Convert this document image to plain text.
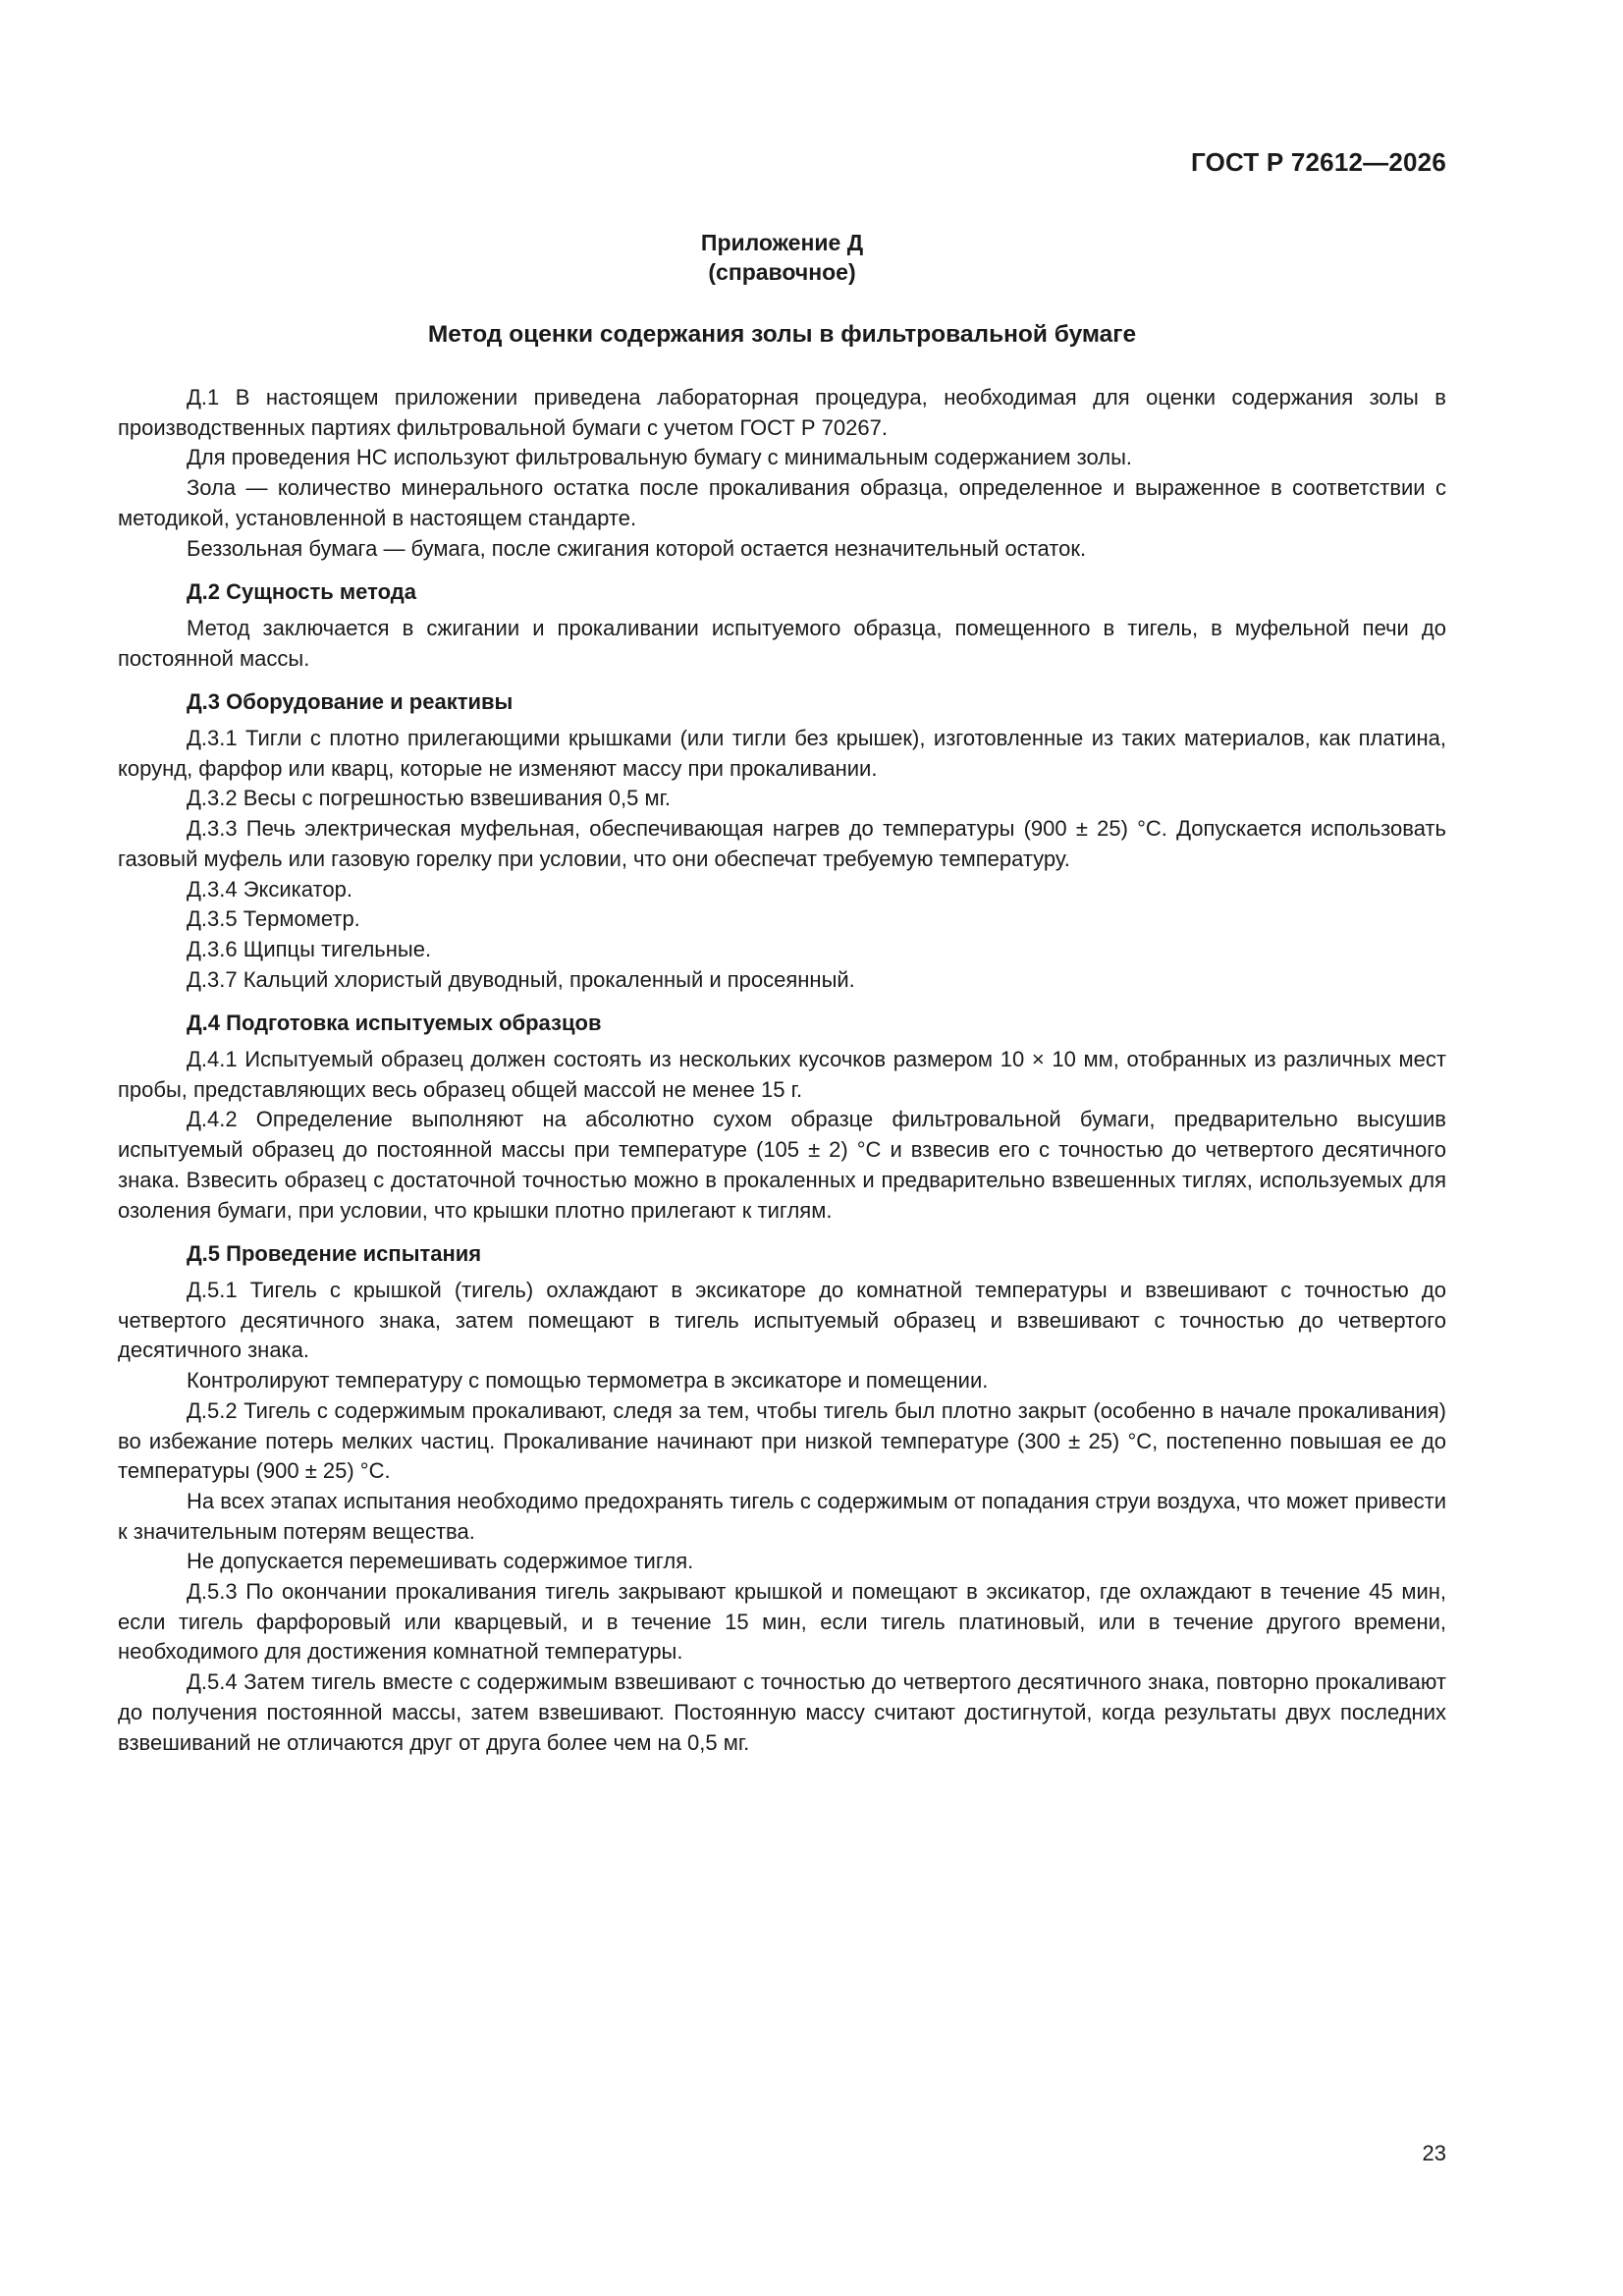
ГОСТ Р 72612—2026
Приложение Д
(справочное)
Метод оценки содержания золы в фильтровальной бумаге

Д.1 В настоящем приложении приведена лабораторная процедура, необходимая для оценки содержания золы в производственных партиях фильтровальной бумаги с учетом ГОСТ Р 70267.

Для проведения НС используют фильтровальную бумагу с минимальным содержанием золы.

Зола — количество минерального остатка после прокаливания образца, определенное и выраженное в соответствии с методикой, установленной в настоящем стандарте.

Беззольная бумага — бумага, после сжигания которой остается незначительный остаток.

Д.2 Сущность метода

Метод заключается в сжигании и прокаливании испытуемого образца, помещенного в тигель, в муфельной печи до постоянной массы.

Д.3 Оборудование и реактивы

Д.3.1 Тигли с плотно прилегающими крышками (или тигли без крышек), изготовленные из таких материалов, как платина, корунд, фарфор или кварц, которые не изменяют массу при прокаливании.

Д.3.2 Весы с погрешностью взвешивания 0,5 мг.

Д.3.3 Печь электрическая муфельная, обеспечивающая нагрев до температуры (900 ± 25) °С. Допускается использовать газовый муфель или газовую горелку при условии, что они обеспечат требуемую температуру.

Д.3.4 Эксикатор.

Д.3.5 Термометр.

Д.3.6 Щипцы тигельные.

Д.3.7 Кальций хлористый двуводный, прокаленный и просеянный.

Д.4 Подготовка испытуемых образцов

Д.4.1 Испытуемый образец должен состоять из нескольких кусочков размером 10 × 10 мм, отобранных из различных мест пробы, представляющих весь образец общей массой не менее 15 г.

Д.4.2 Определение выполняют на абсолютно сухом образце фильтровальной бумаги, предварительно высушив испытуемый образец до постоянной массы при температуре (105 ± 2) °С и взвесив его с точностью до четвертого десятичного знака. Взвесить образец с достаточной точностью можно в прокаленных и предварительно взвешенных тиглях, используемых для озоления бумаги, при условии, что крышки плотно прилегают к тиглям.

Д.5 Проведение испытания

Д.5.1 Тигель с крышкой (тигель) охлаждают в эксикаторе до комнатной температуры и взвешивают с точностью до четвертого десятичного знака, затем помещают в тигель испытуемый образец и взвешивают с точностью до четвертого десятичного знака.

Контролируют температуру с помощью термометра в эксикаторе и помещении.

Д.5.2 Тигель с содержимым прокаливают, следя за тем, чтобы тигель был плотно закрыт (особенно в начале прокаливания) во избежание потерь мелких частиц. Прокаливание начинают при низкой температуре (300 ± 25) °С, постепенно повышая ее до температуры (900 ± 25) °С.

На всех этапах испытания необходимо предохранять тигель с содержимым от попадания струи воздуха, что может привести к значительным потерям вещества.

Не допускается перемешивать содержимое тигля.

Д.5.3 По окончании прокаливания тигель закрывают крышкой и помещают в эксикатор, где охлаждают в течение 45 мин, если тигель фарфоровый или кварцевый, и в течение 15 мин, если тигель платиновый, или в течение другого времени, необходимого для достижения комнатной температуры.

Д.5.4 Затем тигель вместе с содержимым взвешивают с точностью до четвертого десятичного знака, повторно прокаливают до получения постоянной массы, затем взвешивают. Постоянную массу считают достигнутой, когда результаты двух последних взвешиваний не отличаются друг от друга более чем на 0,5 мг.

23
